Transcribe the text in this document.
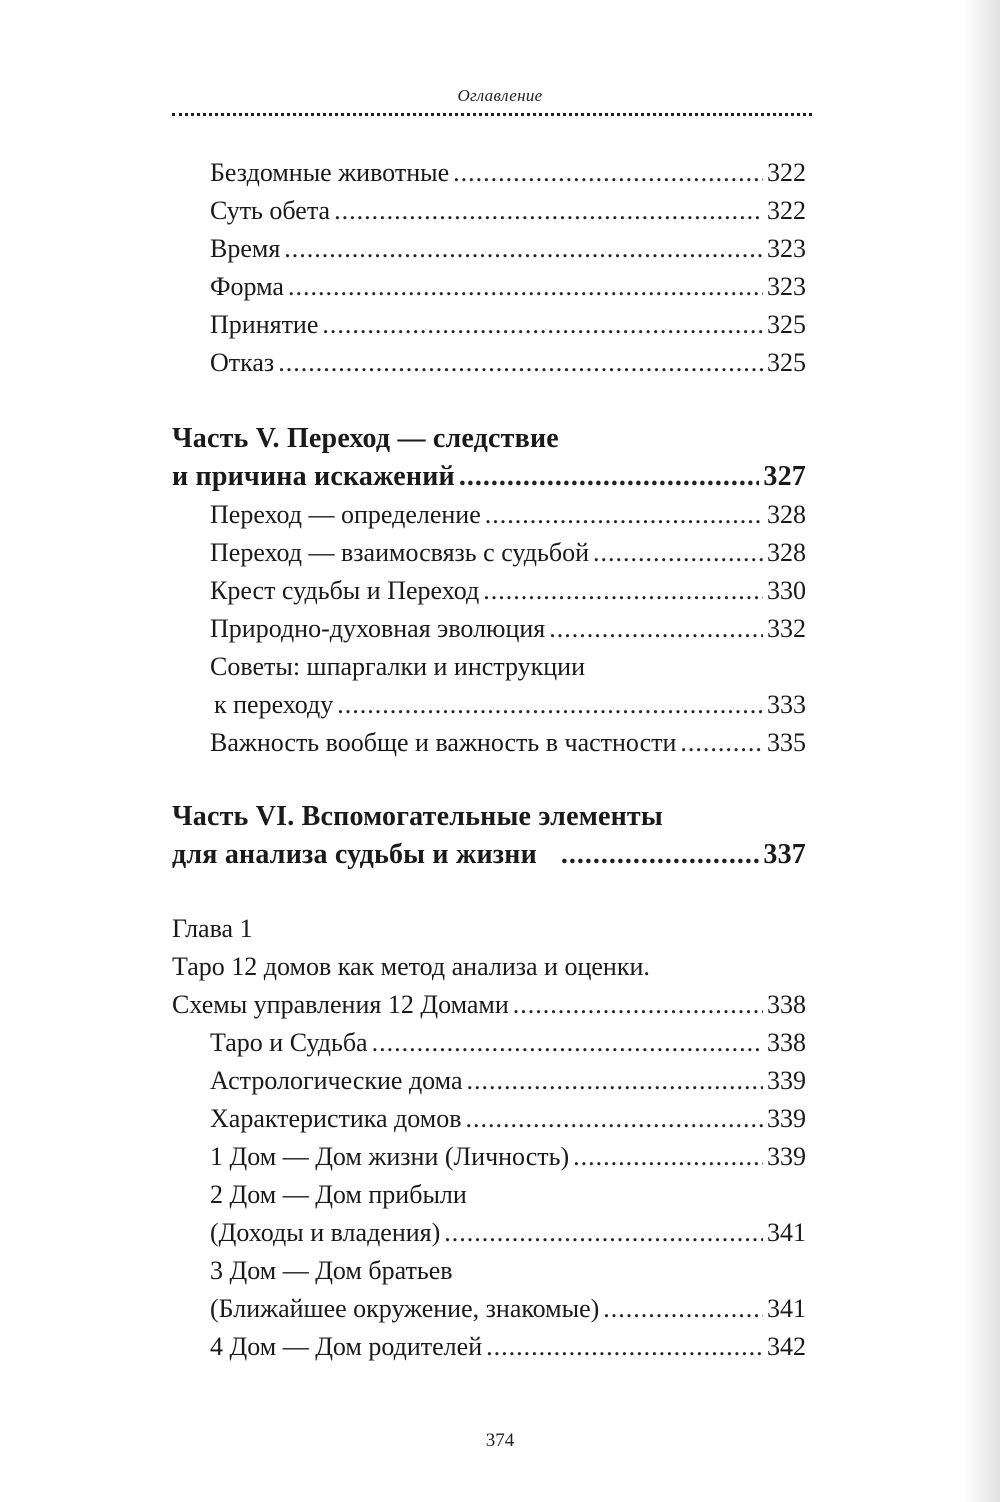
Оглавление
Бездомные животные .....	322
Суть обета .....	322
Время .....	323
Форма .....	323
Принятие .....	325
Отказ .....	325
Часть V. Переход — следствие
и причина искажений .....	327
Переход — определение .....	328
Переход — взаимосвязь с судьбой .....	328
Крест судьбы и Переход .....	330
Природно-духовная эволюция .....	332
Советы: шпаргалки и инструкции
к переходу .....	333
Важность вообще и важность в частности .....	335
Часть VI. Вспомогательные элементы
для анализа судьбы и жизни .....	337
Глава 1
Таро 12 домов как метод анализа и оценки.
Схемы управления 12 Домами .....	338
Таро и Судьба .....	338
Астрологические дома .....	339
Характеристика домов .....	339
1 Дом — Дом жизни (Личность) .....	339
2 Дом — Дом прибыли
(Доходы и владения) .....	341
3 Дом — Дом братьев
(Ближайшее окружение, знакомые) .....	341
4 Дом — Дом родителей .....	342
374
